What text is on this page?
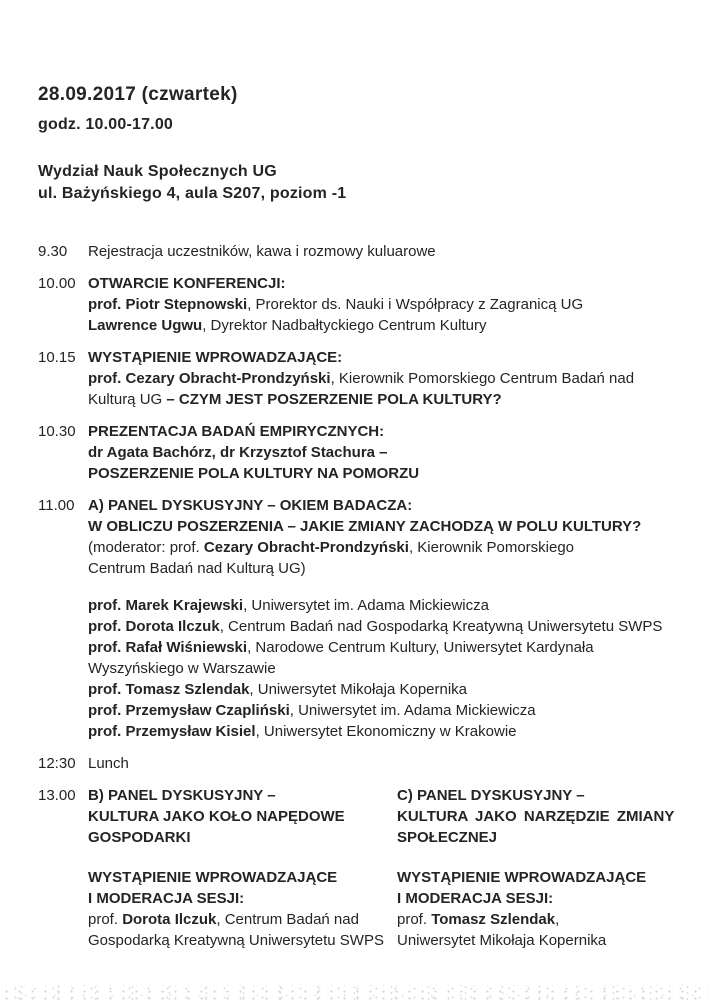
28.09.2017 (czwartek)
godz. 10.00-17.00
Wydział Nauk Społecznych UG
ul. Bażyńskiego 4, aula S207, poziom -1
9.30	Rejestracja uczestników, kawa i rozmowy kuluarowe
10.00 OTWARCIE KONFERENCJI:
prof. Piotr Stepnowski, Prorektor ds. Nauki i Współpracy z Zagranicą UG
Lawrence Ugwu, Dyrektor Nadbałtyckiego Centrum Kultury
10.15 WYSTĄPIENIE WPROWADZAJĄCE:
prof. Cezary Obracht-Prondzyński, Kierownik Pomorskiego Centrum Badań nad
Kulturą UG – CZYM JEST POSZERZENIE POLA KULTURY?
10.30 PREZENTACJA BADAŃ EMPIRYCZNYCH:
dr Agata Bachórz, dr Krzysztof Stachura –
POSZERZENIE POLA KULTURY NA POMORZU
11.00 A) PANEL DYSKUSYJNY – OKIEM BADACZA:
W OBLICZU POSZERZENIA – JAKIE ZMIANY ZACHODZĄ W POLU KULTURY?
(moderator: prof. Cezary Obracht-Prondzyński, Kierownik Pomorskiego
Centrum Badań nad Kulturą UG)
prof. Marek Krajewski, Uniwersytet im. Adama Mickiewicza
prof. Dorota Ilczuk, Centrum Badań nad Gospodarką Kreatywną Uniwersytetu SWPS
prof. Rafał Wiśniewski, Narodowe Centrum Kultury, Uniwersytet Kardynała
Wyszyńskiego w Warszawie
prof. Tomasz Szlendak, Uniwersytet Mikołaja Kopernika
prof. Przemysław Czapliński, Uniwersytet im. Adama Mickiewicza
prof. Przemysław Kisiel, Uniwersytet Ekonomiczny w Krakowie
12:30 Lunch
13.00 B) PANEL DYSKUSYJNY –
KULTURA JAKO KOŁO NAPĘDOWE
GOSPODARKI
WYSTĄPIENIE WPROWADZAJĄCE
I MODERACJA SESJI:
prof. Dorota Ilczuk, Centrum Badań nad
Gospodarką Kreatywną Uniwersytetu SWPS
C) PANEL DYSKUSYJNY –
KULTURA JAKO NARZĘDZIE ZMIANY
SPOŁECZNEJ
WYSTĄPIENIE WPROWADZAJĄCE
I MODERACJA SESJI:
prof. Tomasz Szlendak,
Uniwersytet Mikołaja Kopernika
